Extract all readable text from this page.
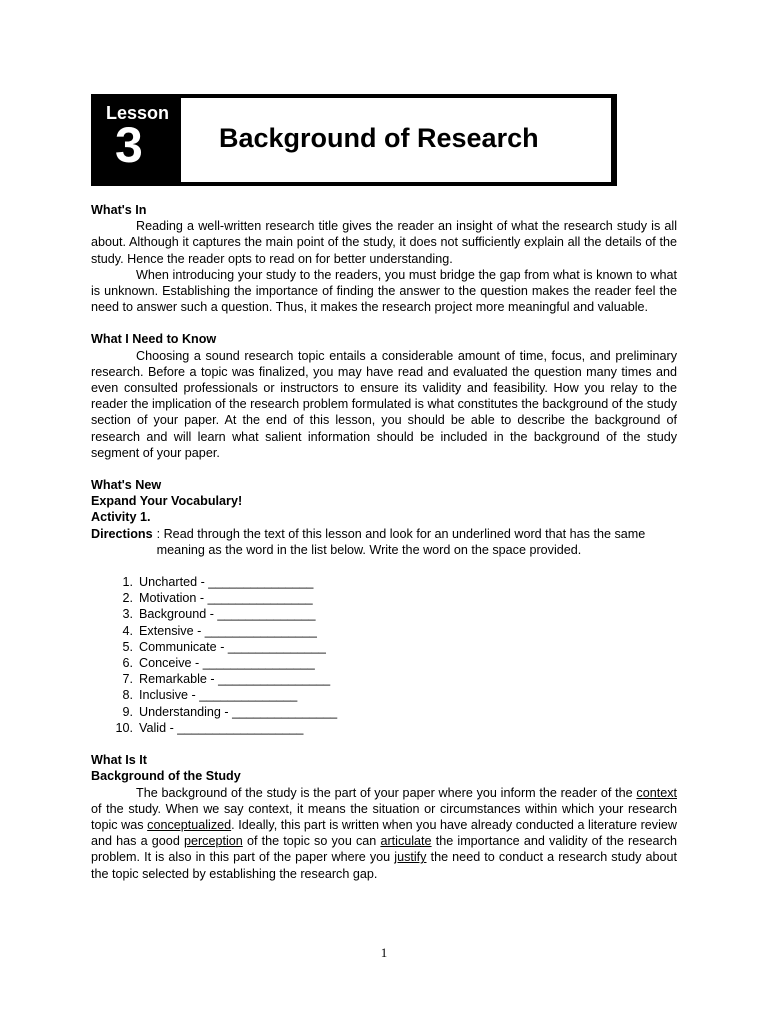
Lesson
3	Background of Research
What's In

Reading a well-written research title gives the reader an insight of what the research study is all about. Although it captures the main point of the study, it does not sufficiently explain all the details of the study. Hence the reader opts to read on for better understanding.

When introducing your study to the readers, you must bridge the gap from what is known to what is unknown. Establishing the importance of finding the answer to the question makes the reader feel the need to answer such a question. Thus, it makes the research project more meaningful and valuable.

What I Need to Know

Choosing a sound research topic entails a considerable amount of time, focus, and preliminary research. Before a topic was finalized, you may have read and evaluated the question many times and even consulted professionals or instructors to ensure its validity and feasibility. How you relay to the reader the implication of the research problem formulated is what constitutes the background of the study section of your paper. At the end of this lesson, you should be able to describe the background of research and will learn what salient information should be included in the background of the study segment of your paper.

What's New
Expand Your Vocabulary!
Activity 1.
Directions : Read through the text of this lesson and look for an underlined word that has the same meaning as the word in the list below. Write the word on the space provided.
1. Uncharted - _______________
2. Motivation - _______________
3. Background - ______________
4. Extensive - ________________
5. Communicate - ______________
6. Conceive - ________________
7. Remarkable - ________________
8. Inclusive - ______________
9. Understanding - _______________
10. Valid - __________________
What Is It
Background of the Study

The background of the study is the part of your paper where you inform the reader of the context of the study. When we say context, it means the situation or circumstances within which your research topic was conceptualized. Ideally, this part is written when you have already conducted a literature review and has a good perception of the topic so you can articulate the importance and validity of the research problem. It is also in this part of the paper where you justify the need to conduct a research study about the topic selected by establishing the research gap.

1
